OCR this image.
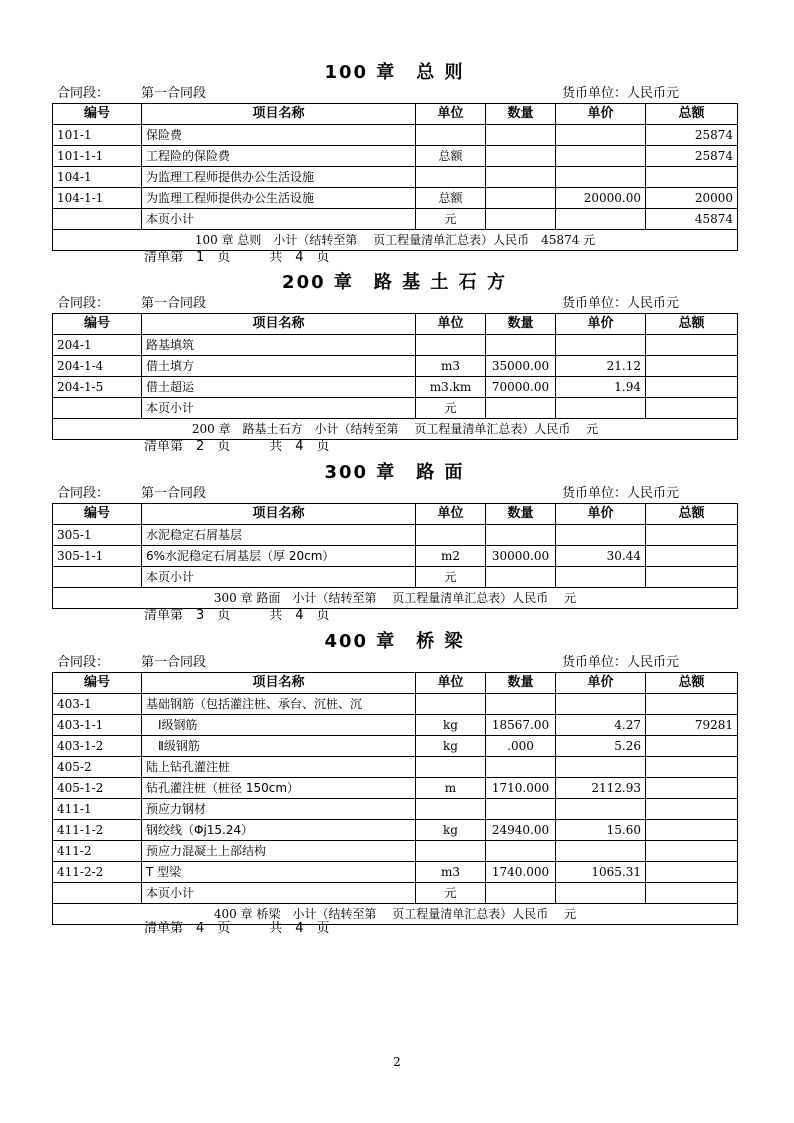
100 章　总 则
合同段： 第一合同段	货币单位：人民币元
编号	项目名称	单位	数量	单价	总额
101-1	保险费				25874
101-1-1	工程险的保险费	总额			25874
104-1	为监理工程师提供办公生活设施				
104-1-1	为监理工程师提供办公生活设施	总额		20000.00	20000
	本页小计	元			45874
100 章 总则　小计（结转至第　 页工程量清单汇总表）人民币　45874 元					
清单第　1　页　　　共　4　页
200 章　路 基 土 石 方
合同段： 第一合同段	货币单位：人民币元
编号	项目名称	单位	数量	单价	总额
204-1	路基填筑				
204-1-4	借土填方	m3	35000.00	21.12	
204-1-5	借土超运	m3.km	70000.00	1.94	
	本页小计	元			
200 章　路基土石方　小计（结转至第　 页工程量清单汇总表）人民币　 元					
清单第　2　页　　　共　4　页
300 章　路 面
合同段： 第一合同段	货币单位：人民币元
编号	项目名称	单位	数量	单价	总额
305-1	水泥稳定石屑基层				
305-1-1	6%水泥稳定石屑基层（厚 20cm）	m2	30000.00	30.44	
	本页小计	元			
300 章 路面　小计（结转至第　 页工程量清单汇总表）人民币　 元					
清单第　3　页　　　共　4　页
400 章　桥 梁
合同段： 第一合同段	货币单位：人民币元
编号	项目名称	单位	数量	单价	总额
403-1	基础钢筋（包括灌注桩、承台、沉桩、沉				
403-1-1	　Ⅰ级钢筋	kg	18567.00	4.27	79281
403-1-2	　Ⅱ级钢筋	kg	.000	5.26	
405-2	陆上钻孔灌注桩				
405-1-2	钻孔灌注桩（桩径 150cm）	m	1710.000	2112.93	
411-1	预应力钢材				
411-1-2	钢绞线（Φj15.24）	kg	24940.00	15.60	
411-2	预应力混凝土上部结构				
411-2-2	T 型梁	m3	1740.000	1065.31	
	本页小计	元			
400 章 桥梁　小计（结转至第　 页工程量清单汇总表）人民币　 元					
清单第　4　页　　　共　4　页
2
